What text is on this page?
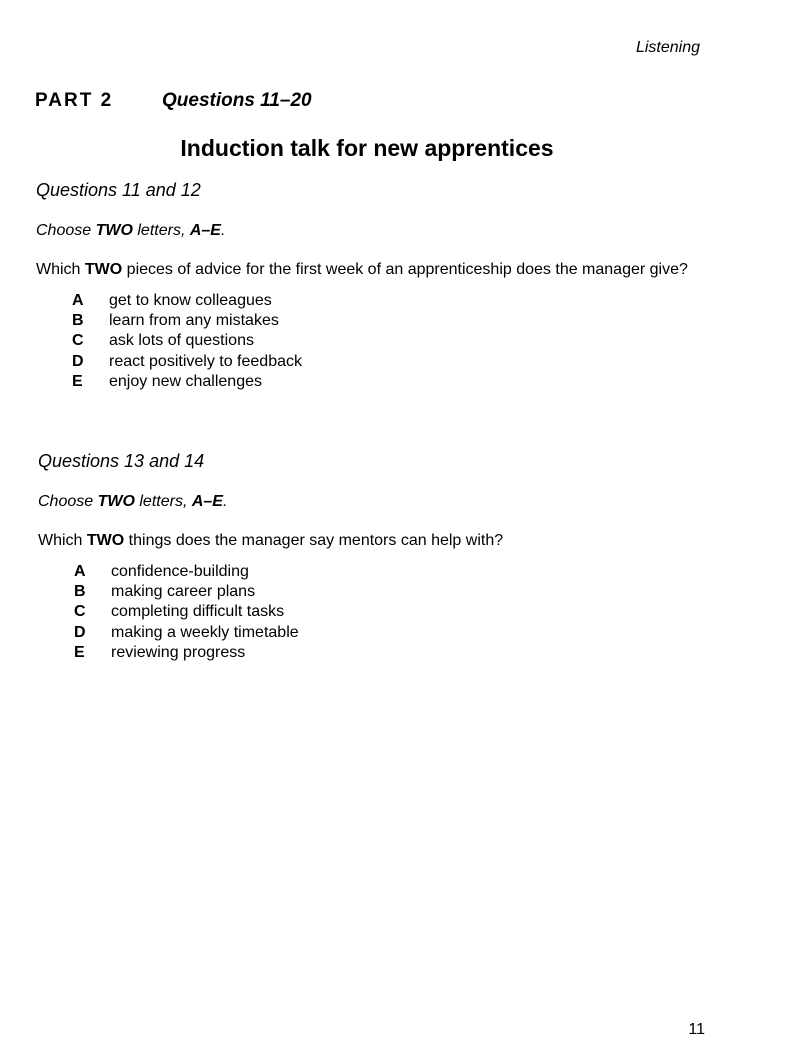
Listening
PART 2	Questions 11–20
Induction talk for new apprentices
Questions 11 and 12
Choose TWO letters, A–E.
Which TWO pieces of advice for the first week of an apprenticeship does the manager give?
A	get to know colleagues
B	learn from any mistakes
C	ask lots of questions
D	react positively to feedback
E	enjoy new challenges
Questions 13 and 14
Choose TWO letters, A–E.
Which TWO things does the manager say mentors can help with?
A	confidence-building
B	making career plans
C	completing difficult tasks
D	making a weekly timetable
E	reviewing progress
11
